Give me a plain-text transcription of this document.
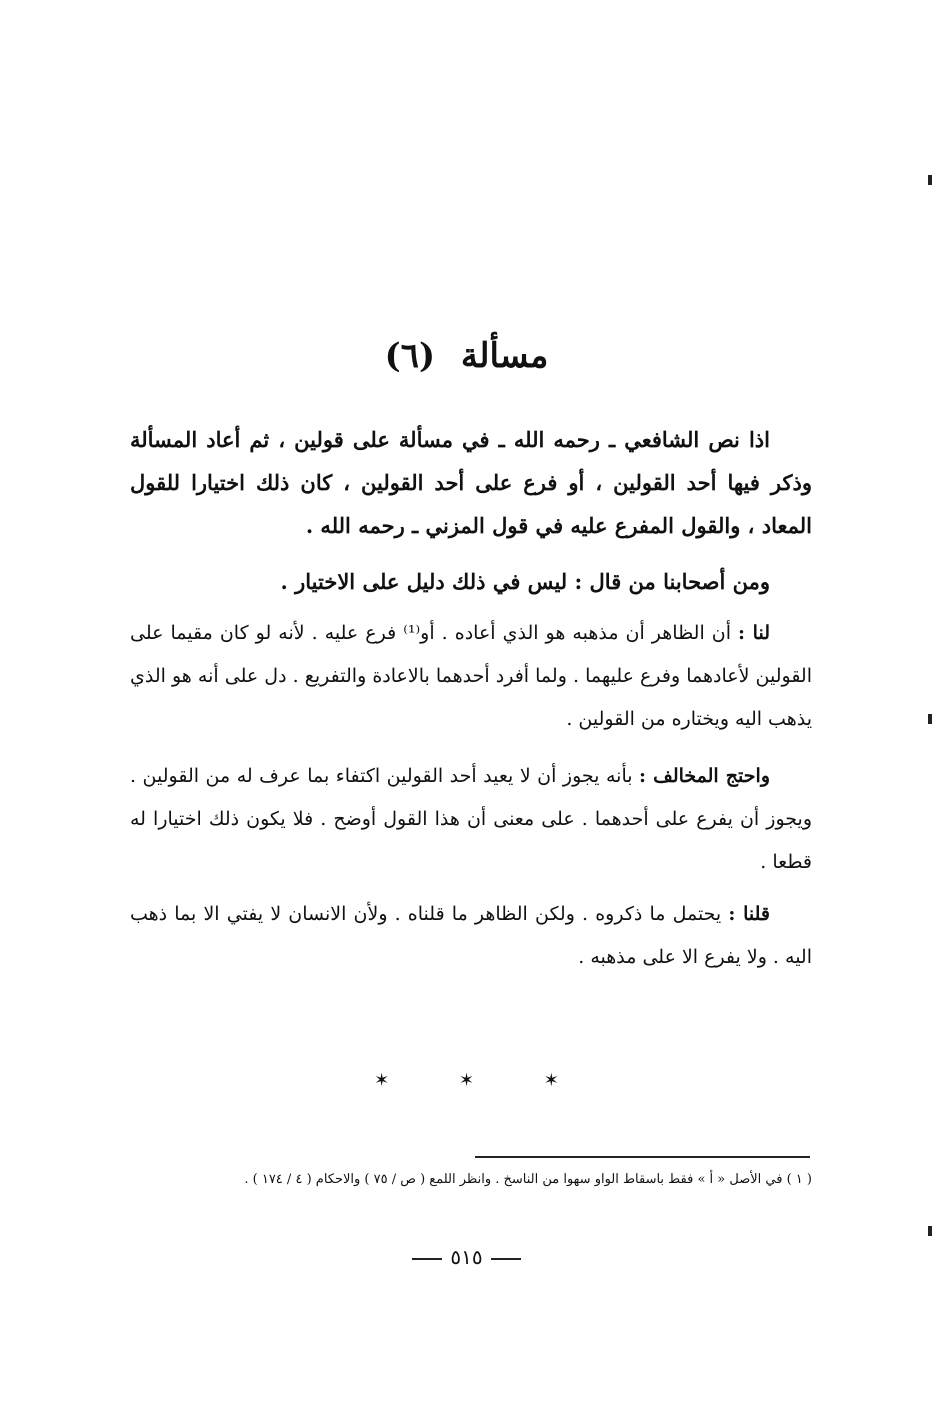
مسألة (٦)
اذا نص الشافعي ـ رحمه الله ـ في مسألة على قولين ، ثم أعاد المسألة وذكر فيها أحد القولين ، أو فرع على أحد القولين ، كان ذلك اختيارا للقول المعاد ، والقول المفرع عليه في قول المزني ـ رحمه الله .
ومن أصحابنا من قال : ليس في ذلك دليل على الاختيار .
لنا : أن الظاهر أن مذهبه هو الذي أعاده . أو⁽¹⁾ فرع عليه . لأنه لو كان مقيما على القولين لأعادهما وفرع عليهما . ولما أفرد أحدهما بالاعادة والتفريع . دل على أنه هو الذي يذهب اليه ويختاره من القولين .
واحتج المخالف : بأنه يجوز أن لا يعيد أحد القولين اكتفاء بما عرف له من القولين . ويجوز أن يفرع على أحدهما . على معنى أن هذا القول أوضح . فلا يكون ذلك اختيارا له قطعا .
قلنا : يحتمل ما ذكروه . ولكن الظاهر ما قلناه . ولأن الانسان لا يفتي الا بما ذهب اليه . ولا يفرع الا على مذهبه .
✶ ✶ ✶
( ١ ) في الأصل « أ » فقط باسقاط الواو سهوا من الناسخ . وانظر اللمع ( ص / ٧٥ ) والاحكام ( ٤ / ١٧٤ ) .
٥١٥
